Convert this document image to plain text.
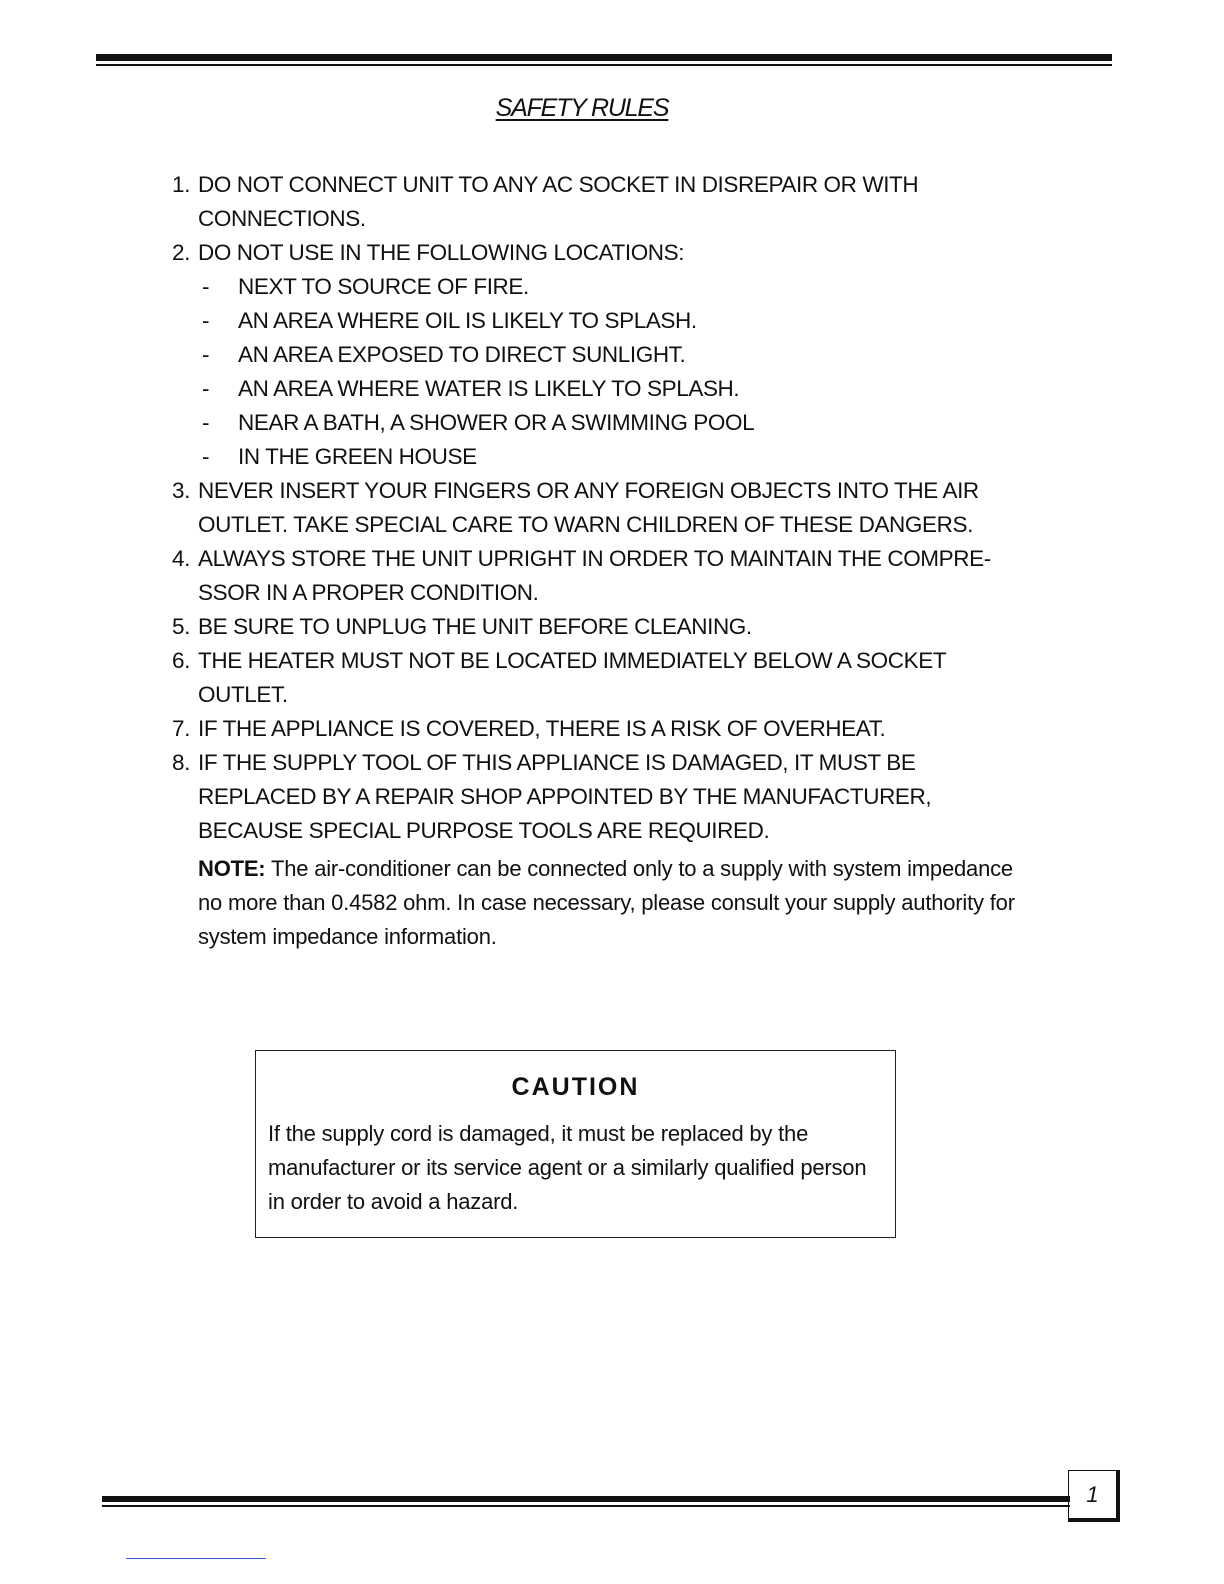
SAFETY RULES
1. DO NOT CONNECT UNIT TO ANY AC SOCKET IN DISREPAIR OR WITH
CONNECTIONS.
2. DO NOT USE IN THE FOLLOWING LOCATIONS:
-	NEXT TO SOURCE OF FIRE.
-	AN AREA WHERE OIL IS LIKELY TO SPLASH.
-	AN AREA EXPOSED TO DIRECT SUNLIGHT.
-	AN AREA WHERE WATER IS LIKELY TO SPLASH.
-	NEAR A BATH, A SHOWER OR A SWIMMING POOL
-	IN THE GREEN HOUSE
3. NEVER INSERT YOUR FINGERS OR ANY FOREIGN OBJECTS INTO THE AIR
OUTLET. TAKE SPECIAL CARE TO WARN CHILDREN OF THESE DANGERS.
4. ALWAYS STORE THE UNIT UPRIGHT IN ORDER TO MAINTAIN THE COMPRE-
SSOR IN A PROPER CONDITION.
5. BE SURE TO UNPLUG THE UNIT BEFORE CLEANING.
6. THE HEATER MUST NOT BE LOCATED IMMEDIATELY BELOW A SOCKET
OUTLET.
7. IF THE APPLIANCE IS COVERED, THERE IS A RISK OF OVERHEAT.
8. IF THE SUPPLY TOOL OF THIS APPLIANCE IS DAMAGED, IT MUST BE
REPLACED BY A REPAIR SHOP APPOINTED BY THE MANUFACTURER,
BECAUSE SPECIAL PURPOSE TOOLS ARE REQUIRED.
NOTE: The air-conditioner can be connected only to a supply with system impedance no more than 0.4582 ohm. In case necessary, please consult your supply authority for system impedance information.
CAUTION
If the supply cord is damaged, it must be replaced by the manufacturer or its service agent or a similarly qualified person in order to avoid a hazard.
1
